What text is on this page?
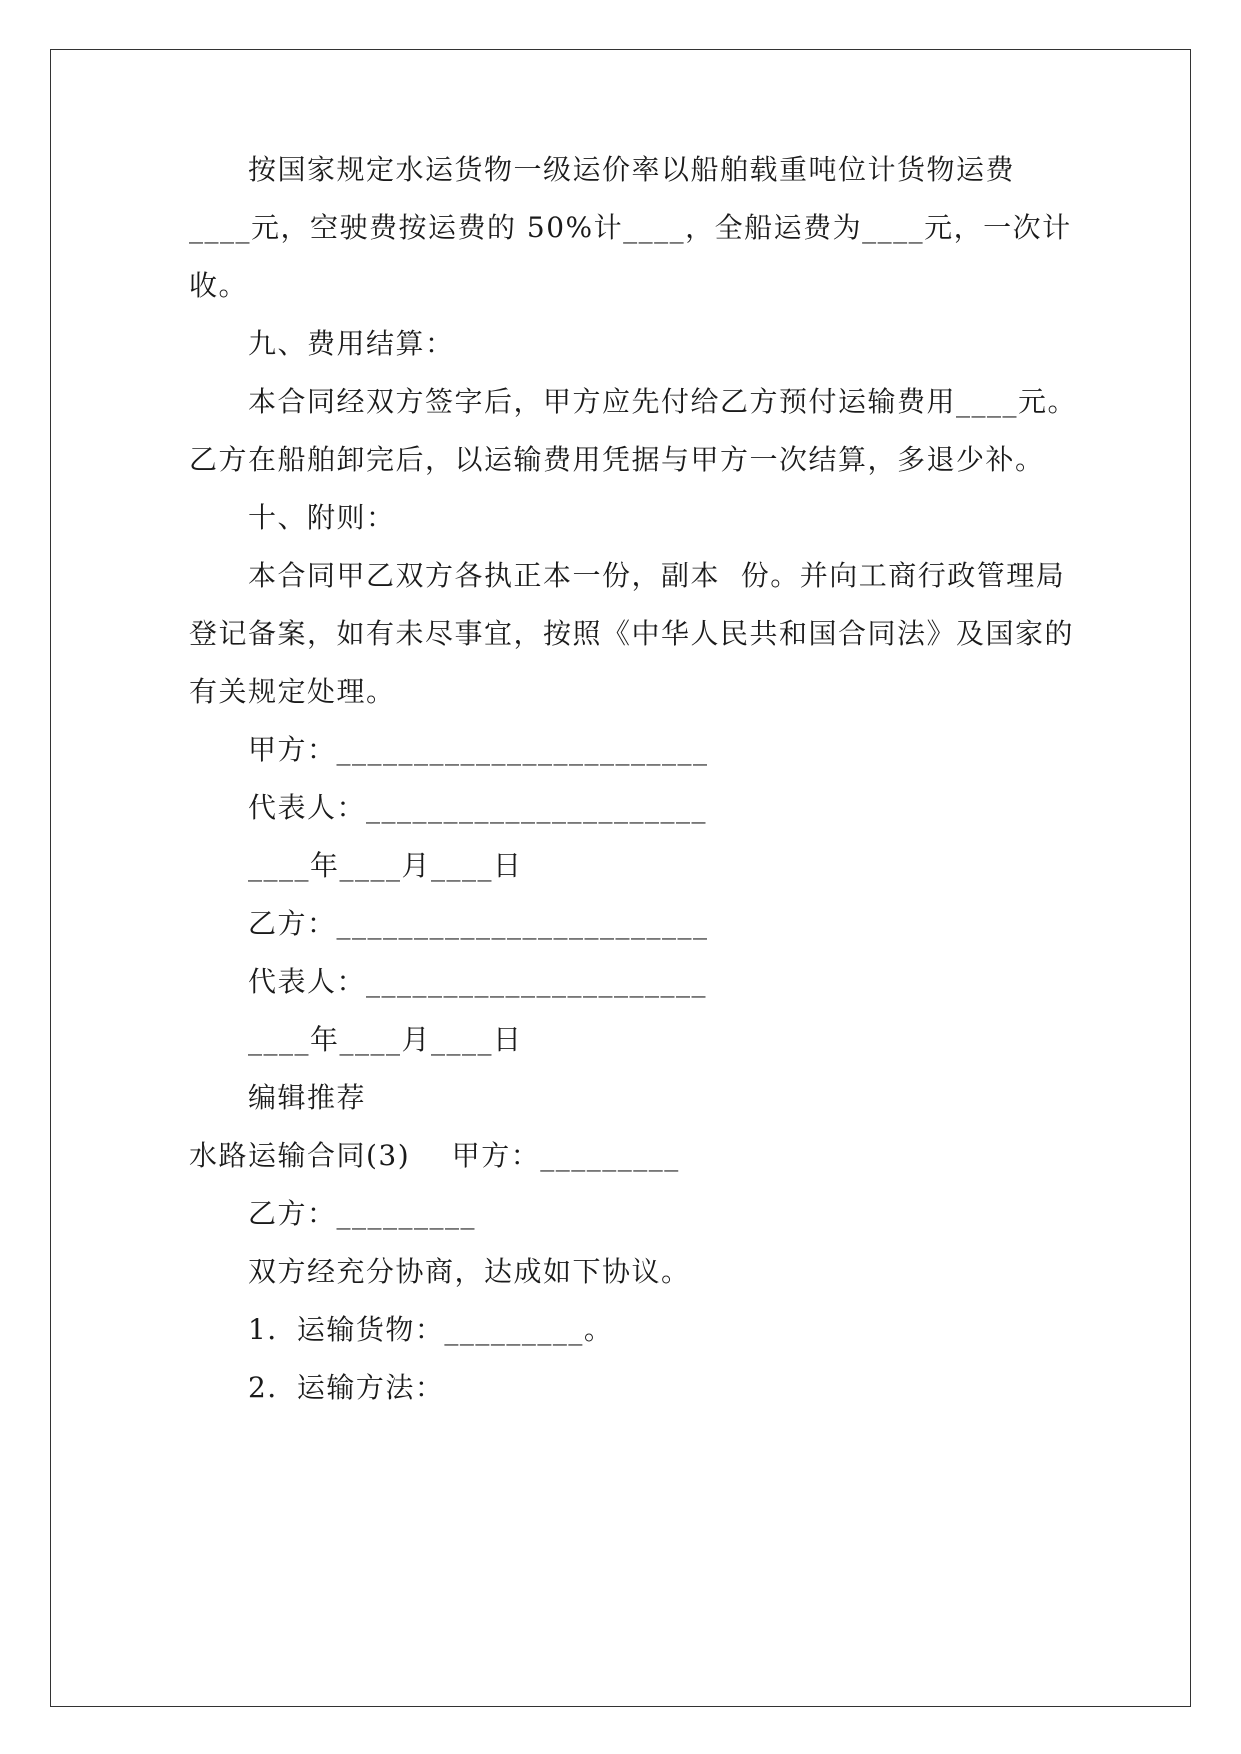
按国家规定水运货物一级运价率以船舶载重吨位计货物运费
____元，空驶费按运费的 50%计____，全船运费为____元，一次计
收。
九、费用结算：
本合同经双方签字后，甲方应先付给乙方预付运输费用____元。
乙方在船舶卸完后，以运输费用凭据与甲方一次结算，多退少补。
十、附则：
本合同甲乙双方各执正本一份，副本  份。并向工商行政管理局
登记备案，如有未尽事宜，按照《中华人民共和国合同法》及国家的
有关规定处理。
甲方：________________________
代表人：______________________
____年____月____日
乙方：________________________
代表人：______________________
____年____月____日
编辑推荐
水路运输合同(3)    甲方：_________
乙方：_________
双方经充分协商，达成如下协议。
1．运输货物：_________。
2．运输方法：
